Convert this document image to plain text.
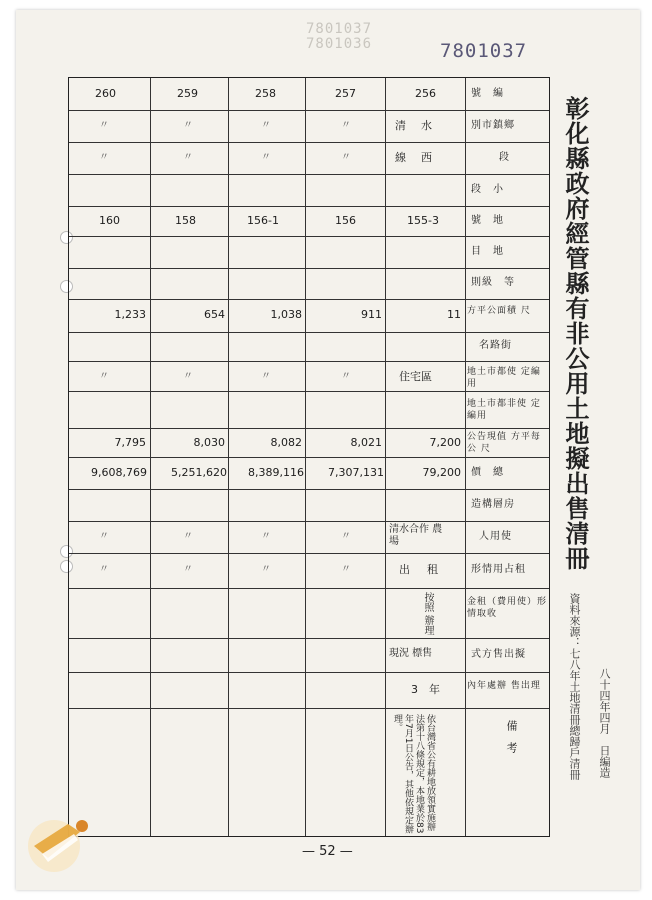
7801037
7801036	7801037
號　編
別市鎮鄉
段
段　小
號　地
目　地
則級　等
方平公面積 尺
名路街
地土市都使 定編用
地土市都非使 定編用
公告現值 方平每公 尺
價　總
造構層房
人用使
形情用占租
金租（費用使）形情取收
式方售出擬
內年處辦 售出理
備　考
260
〃
〃
160
1,233
〃
7,795
9,608,769
〃
〃
259
〃
〃
158
654
〃
8,030
5,251,620
〃
〃
258
〃
〃
156-1
1,038
〃
8,082
8,389,116
〃
〃
257
〃
〃
156
911
〃
8,021
7,307,131
〃
〃
256
清　水
線　西
155-3
11
住宅區
7,200
79,200
清水合作 農　場
出　租
按照 辦理
現況 標售
3　年
依台灣省公有耕地放領實施辦法第十八條規定，本地業於83年7月1日公告，其他依規定辦理。
彰化縣政府經管縣有非公用土地擬出售清冊
資料來源：七八年土地清冊總歸戶清冊 八十四年四月　日編造
— 52 —
